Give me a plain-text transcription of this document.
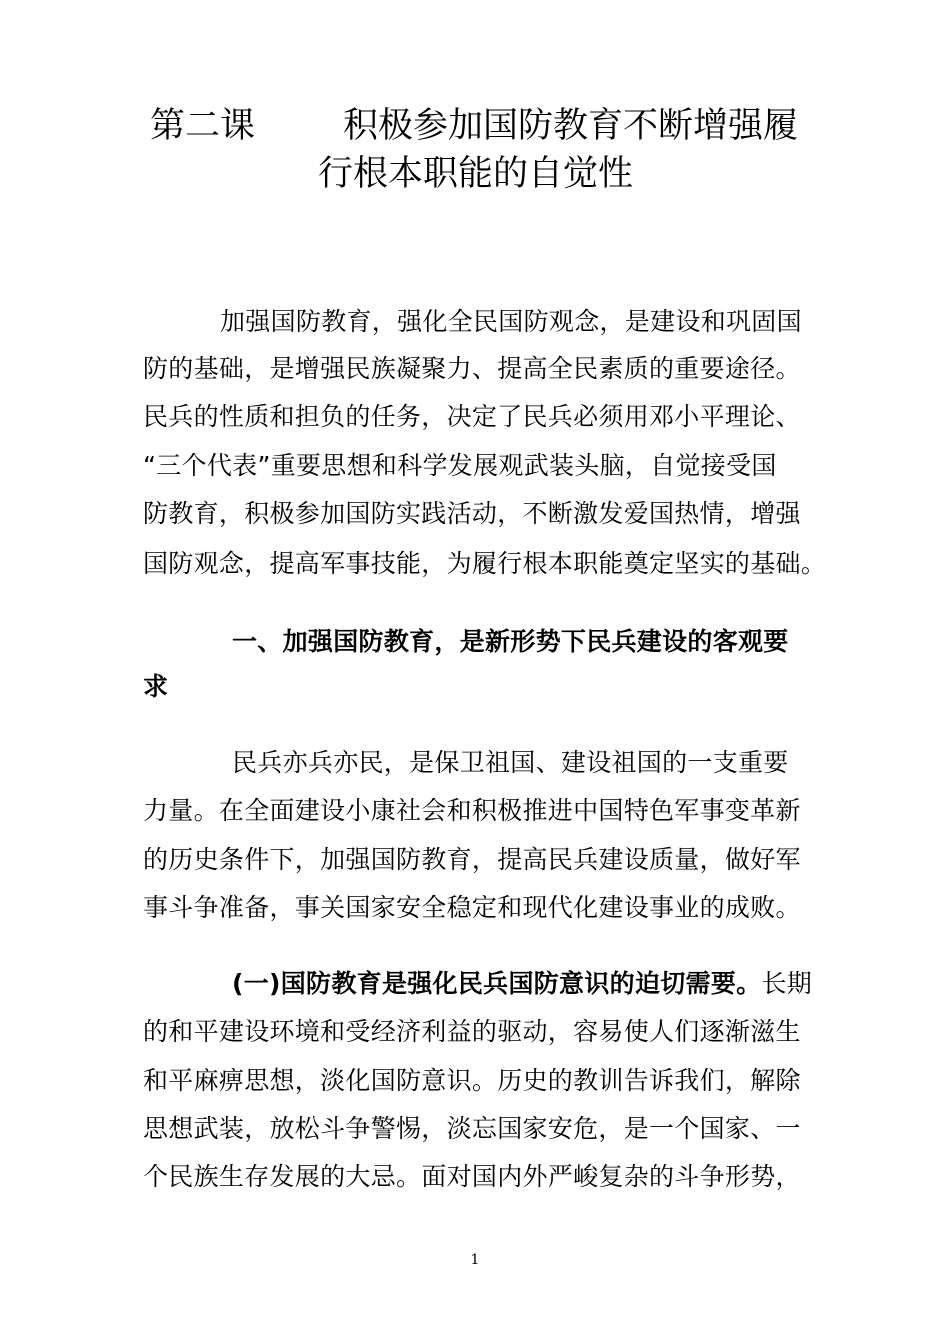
第二课	积极参加国防教育不断增强履
行根本职能的自觉性
加强国防教育，强化全民国防观念，是建设和巩固国
防的基础，是增强民族凝聚力、提高全民素质的重要途径。
民兵的性质和担负的任务，决定了民兵必须用邓小平理论、
“三个代表”重要思想和科学发展观武装头脑，自觉接受国
防教育，积极参加国防实践活动，不断激发爱国热情，增强
国防观念，提高军事技能，为履行根本职能奠定坚实的基础。
一、加强国防教育，是新形势下民兵建设的客观要
求
民兵亦兵亦民，是保卫祖国、建设祖国的一支重要
力量。在全面建设小康社会和积极推进中国特色军事变革新
的历史条件下，加强国防教育，提高民兵建设质量，做好军
事斗争准备，事关国家安全稳定和现代化建设事业的成败。
(一)国防教育是强化民兵国防意识的迫切需要。长期
的和平建设环境和受经济利益的驱动，容易使人们逐渐滋生
和平麻痹思想，淡化国防意识。历史的教训告诉我们，解除
思想武装，放松斗争警惕，淡忘国家安危，是一个国家、一
个民族生存发展的大忌。面对国内外严峻复杂的斗争形势，
1
